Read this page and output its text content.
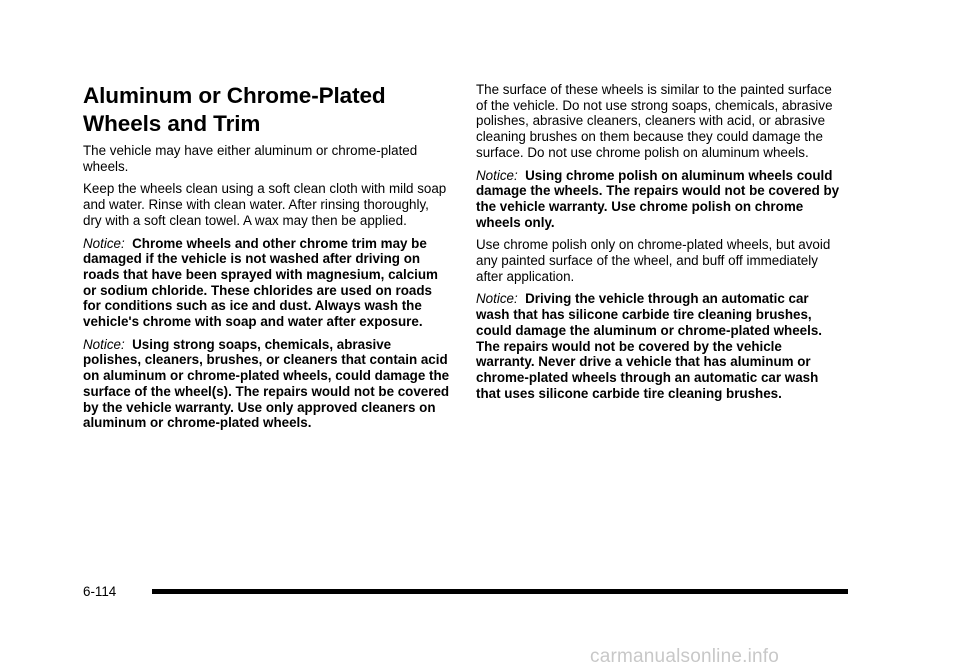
Aluminum or Chrome-Plated Wheels and Trim

The vehicle may have either aluminum or chrome-plated wheels.

Keep the wheels clean using a soft clean cloth with mild soap and water. Rinse with clean water. After rinsing thoroughly, dry with a soft clean towel. A wax may then be applied.

Notice: Chrome wheels and other chrome trim may be damaged if the vehicle is not washed after driving on roads that have been sprayed with magnesium, calcium or sodium chloride. These chlorides are used on roads for conditions such as ice and dust. Always wash the vehicle's chrome with soap and water after exposure.

Notice: Using strong soaps, chemicals, abrasive polishes, cleaners, brushes, or cleaners that contain acid on aluminum or chrome-plated wheels, could damage the surface of the wheel(s). The repairs would not be covered by the vehicle warranty. Use only approved cleaners on aluminum or chrome-plated wheels.

The surface of these wheels is similar to the painted surface of the vehicle. Do not use strong soaps, chemicals, abrasive polishes, abrasive cleaners, cleaners with acid, or abrasive cleaning brushes on them because they could damage the surface. Do not use chrome polish on aluminum wheels.

Notice: Using chrome polish on aluminum wheels could damage the wheels. The repairs would not be covered by the vehicle warranty. Use chrome polish on chrome wheels only.

Use chrome polish only on chrome-plated wheels, but avoid any painted surface of the wheel, and buff off immediately after application.

Notice: Driving the vehicle through an automatic car wash that has silicone carbide tire cleaning brushes, could damage the aluminum or chrome-plated wheels. The repairs would not be covered by the vehicle warranty. Never drive a vehicle that has aluminum or chrome-plated wheels through an automatic car wash that uses silicone carbide tire cleaning brushes.

6-114
carmanualsonline.info
